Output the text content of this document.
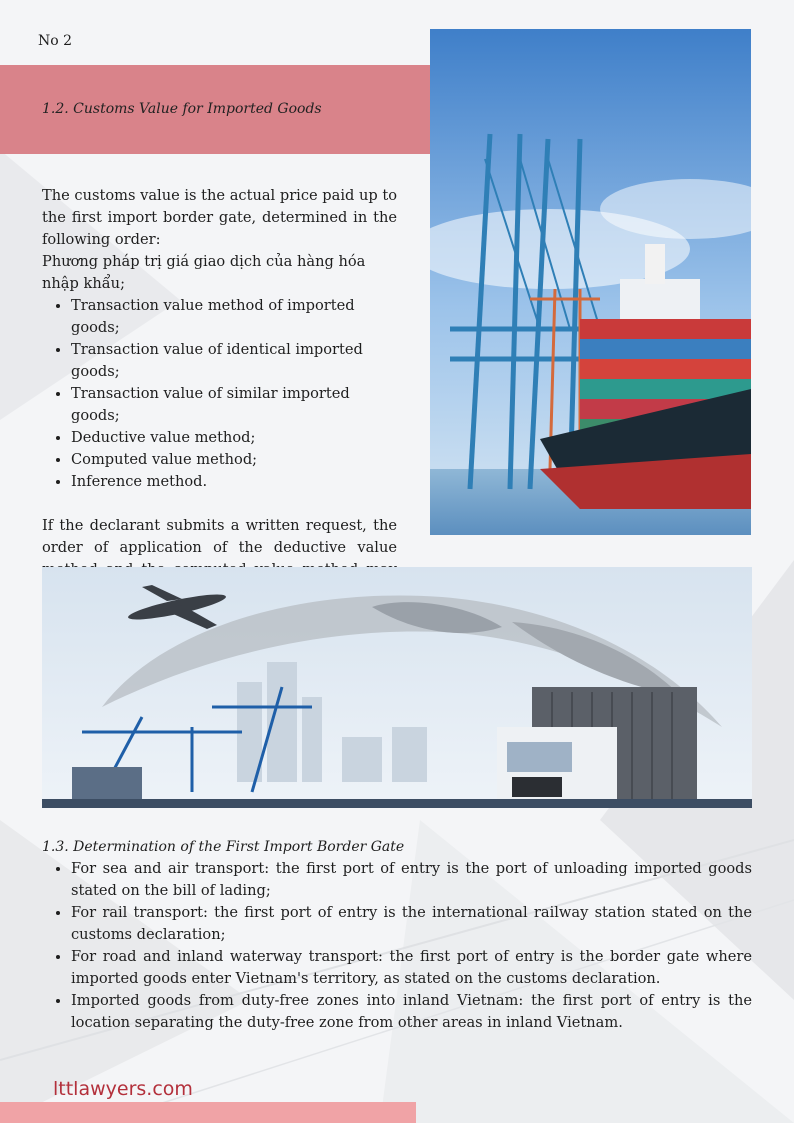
No 2
1.2. Customs Value for Imported Goods

The customs value is the actual price paid up to the first import border gate, determined in the following order:

Phương pháp trị giá giao dịch của hàng hóa nhập khẩu;

• Transaction value method of imported goods;
• Transaction value of identical imported goods;
• Transaction value of similar imported goods;
• Deductive value method;
• Computed value method;
• Inference method.

If the declarant submits a written request, the order of application of the deductive value

1.3. Determination of the First Import Border Gate
• For sea and air transport: the first port of entry is the port of unloading imported goods stated on the bill of lading;
• For rail transport: the first port of entry is the international railway station stated on the customs declaration;
• For road and inland waterway transport: the first port of entry is the border gate where imported goods enter Vietnam's territory, as stated on the customs declaration.
• Imported goods from duty-free zones into inland Vietnam: the first port of entry is the location separating the duty-free zone from other areas in inland Vietnam.
lttlawyers.com
